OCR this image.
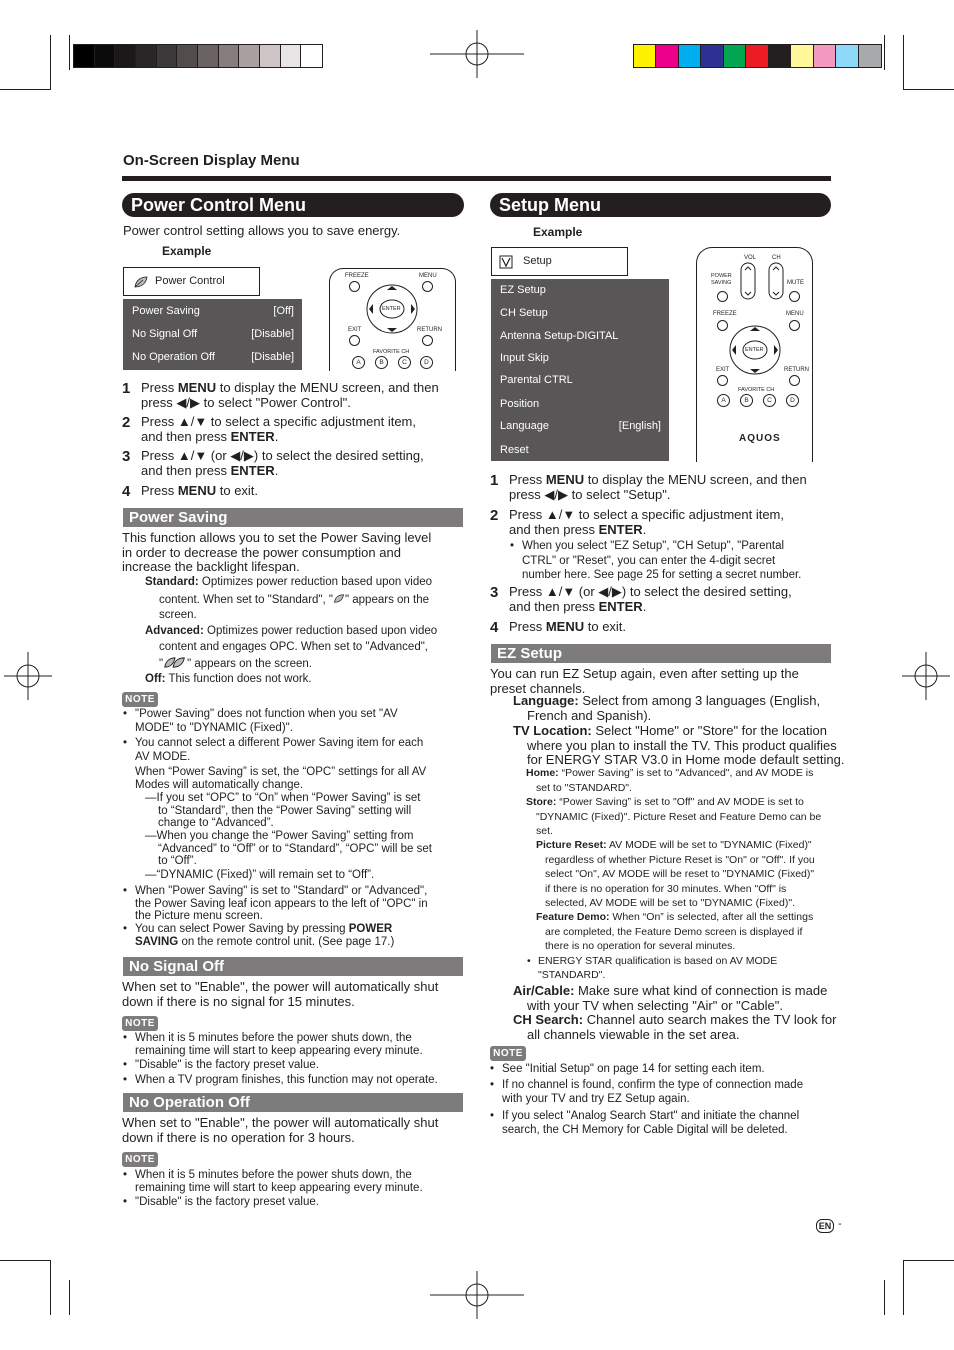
On-Screen Display Menu
Power Control Menu
Power control setting allows you to save energy.
Example
Power Control
Power Saving	[Off]
No Signal Off	[Disable]
No Operation Off	[Disable]
FREEZE	MENU
ENTER
EXIT	RETURN
FAVORITE CH
A	B	C	D
1 Press MENU to display the MENU screen, and then
press ◀/▶ to select "Power Control".
2 Press ▲/▼ to select a specific adjustment item,
and then press ENTER.
3 Press ▲/▼ (or ◀/▶) to select the desired setting,
and then press ENTER.
4 Press MENU to exit.
Power Saving
This function allows you to set the Power Saving level
in order to decrease the power consumption and
increase the backlight lifespan.
Standard: Optimizes power reduction based upon video
content. When set to "Standard", " " appears on the
screen.
Advanced: Optimizes power reduction based upon video
content and engages OPC. When set to "Advanced",
" " appears on the screen.
Off: This function does not work.
NOTE
• "Power Saving" does not function when you set "AV
MODE" to "DYNAMIC (Fixed)".
• You cannot select a different Power Saving item for each
AV MODE.
When “Power Saving” is set, the “OPC” settings for all AV
Modes will automatically change.
—If you set “OPC” to “On” when “Power Saving” is set
to “Standard”, then the “Power Saving” setting will
change to “Advanced”.
—When you change the “Power Saving” setting from
“Advanced” to “Off” or to “Standard”, “OPC” will be set
to “Off”.
—“DYNAMIC (Fixed)” will remain set to “Off”.
• When "Power Saving" is set to "Standard" or "Advanced",
the Power Saving leaf icon appears to the left of "OPC" in
the Picture menu screen.
• You can select Power Saving by pressing POWER
SAVING on the remote control unit. (See page 17.)
No Signal Off
When set to "Enable", the power will automatically shut
down if there is no signal for 15 minutes.
NOTE
• When it is 5 minutes before the power shuts down, the
remaining time will start to keep appearing every minute.
• "Disable" is the factory preset value.
• When a TV program finishes, this function may not operate.
No Operation Off
When set to "Enable", the power will automatically shut
down if there is no operation for 3 hours.
NOTE
• When it is 5 minutes before the power shuts down, the
remaining time will start to keep appearing every minute.
• "Disable" is the factory preset value.
Setup Menu
Example
Setup
EZ Setup
CH Setup
Antenna Setup-DIGITAL
Input Skip
Parental CTRL
Position
Language	[English]
Reset
VOL	CH
POWER SAVING	MUTE
FREEZE	MENU
ENTER
EXIT	RETURN
FAVORITE CH
A	B	C	D
AQUOS
1 Press MENU to display the MENU screen, and then
press ◀/▶ to select "Setup".
2 Press ▲/▼ to select a specific adjustment item,
and then press ENTER.
3 Press ▲/▼ (or ◀/▶) to select the desired setting,
and then press ENTER.
4 Press MENU to exit.
• When you select "EZ Setup", "CH Setup", "Parental
CTRL" or "Reset", you can enter the 4-digit secret
number here. See page 25 for setting a secret number.
EZ Setup
You can run EZ Setup again, even after setting up the
preset channels.
Language: Select from among 3 languages (English,
French and Spanish).
TV Location: Select "Home" or "Store" for the location
where you plan to install the TV. This product qualifies
for ENERGY STAR V3.0 in Home mode default setting.
Home: “Power Saving” is set to "Advanced", and AV MODE is
set to "STANDARD".
Store: “Power Saving” is set to "Off" and AV MODE is set to
"DYNAMIC (Fixed)". Picture Reset and Feature Demo can be
set.
Picture Reset: AV MODE will be set to "DYNAMIC (Fixed)"
regardless of whether Picture Reset is "On" or "Off". If you
select "On", AV MODE will be reset to "DYNAMIC (Fixed)"
if there is no operation for 30 minutes. When "Off" is
selected, AV MODE will be set to "DYNAMIC (Fixed)".
Feature Demo: When “On” is selected, after all the settings
are completed, the Feature Demo screen is displayed if
there is no operation for several minutes.
• ENERGY STAR qualification is based on AV MODE
"STANDARD".
Air/Cable: Make sure what kind of connection is made
with your TV when selecting "Air" or "Cable".
CH Search: Channel auto search makes the TV look for
all channels viewable in the set area.
NOTE
• See "Initial Setup" on page 14 for setting each item.
• If no channel is found, confirm the type of connection made
with your TV and try EZ Setup again.
• If you select "Analog Search Start" and initiate the channel
search, the CH Memory for Cable Digital will be deleted.
EN -
